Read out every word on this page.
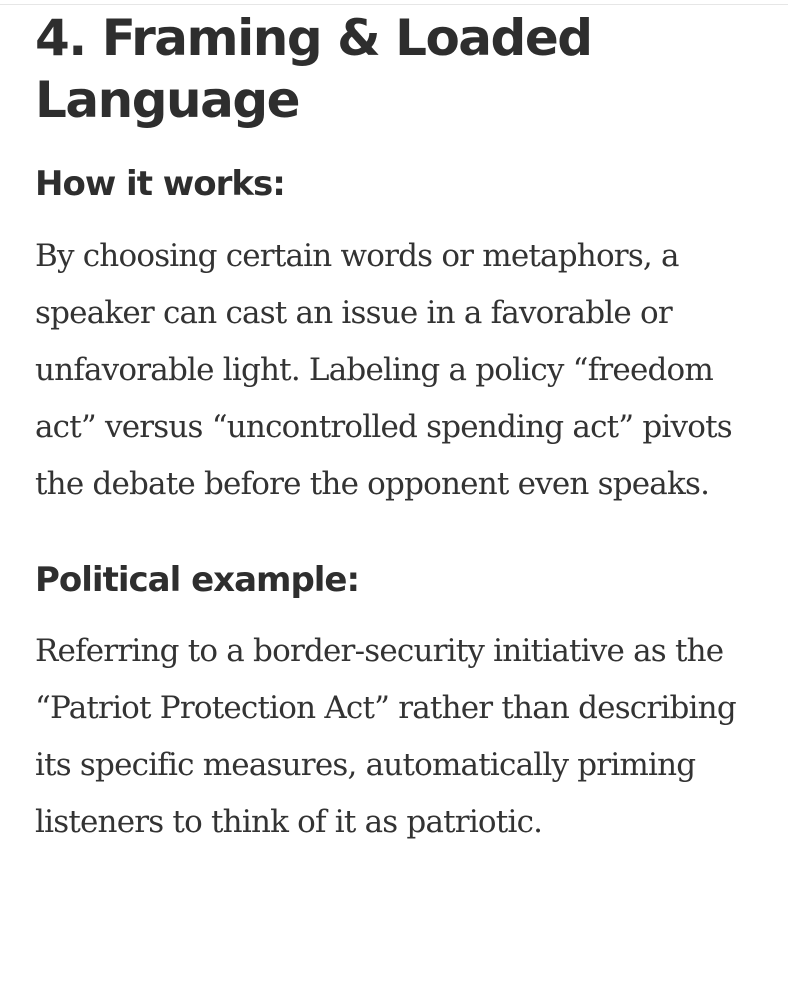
4. Framing & Loaded Language
How it works:

By choosing certain words or metaphors, a speaker can cast an issue in a favorable or unfavorable light. Labeling a policy “freedom act” versus “uncontrolled spending act” pivots the debate before the opponent even speaks.

Political example:

Referring to a border-security initiative as the “Patriot Protection Act” rather than describing its specific measures, automatically priming listeners to think of it as patriotic.
